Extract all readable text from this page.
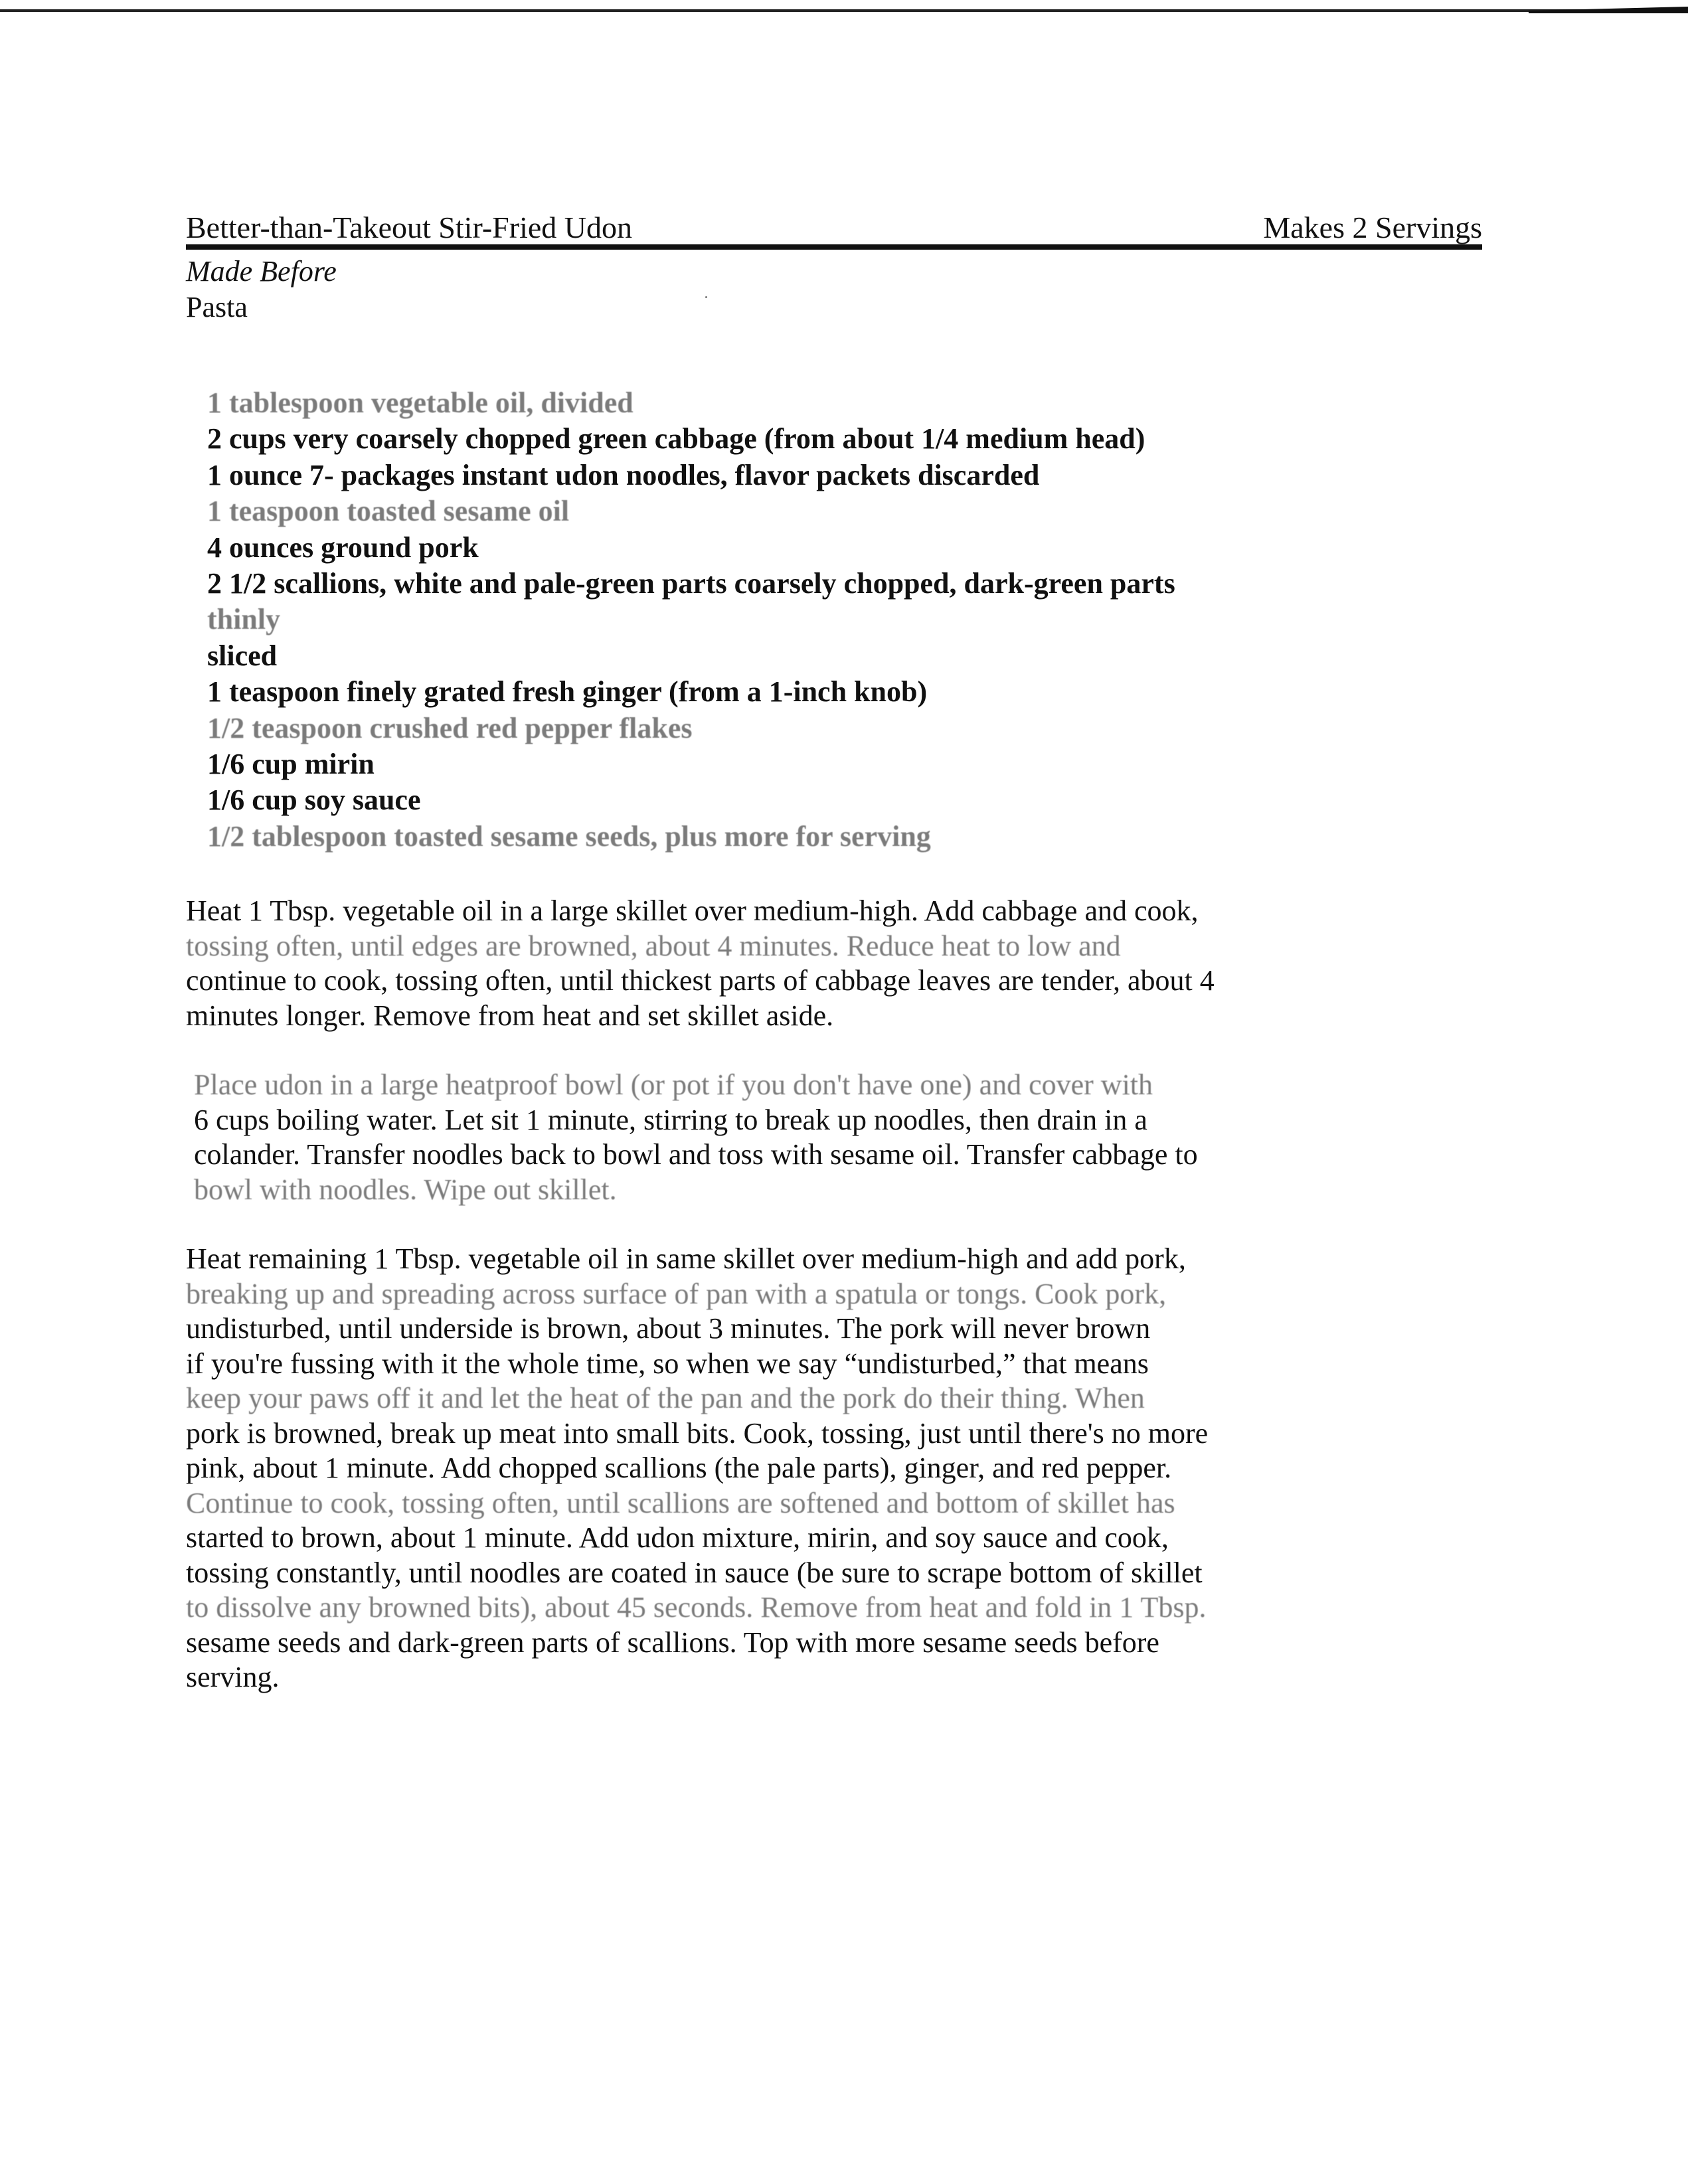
Better-than-Takeout Stir-Fried Udon	Makes 2 Servings
Made Before
Pasta
1 tablespoon vegetable oil, divided
2 cups very coarsely chopped green cabbage (from about 1/4 medium head)
1 ounce 7- packages instant udon noodles, flavor packets discarded
1 teaspoon toasted sesame oil
4 ounces ground pork
2 1/2 scallions, white and pale-green parts coarsely chopped, dark-green parts
thinly
sliced
1 teaspoon finely grated fresh ginger (from a 1-inch knob)
1/2 teaspoon crushed red pepper flakes
1/6 cup mirin
1/6 cup soy sauce
1/2 tablespoon toasted sesame seeds, plus more for serving

Heat 1 Tbsp. vegetable oil in a large skillet over medium-high. Add cabbage and cook,
tossing often, until edges are browned, about 4 minutes. Reduce heat to low and
continue to cook, tossing often, until thickest parts of cabbage leaves are tender, about 4
minutes longer. Remove from heat and set skillet aside.

Place udon in a large heatproof bowl (or pot if you don't have one) and cover with
6 cups boiling water. Let sit 1 minute, stirring to break up noodles, then drain in a
colander. Transfer noodles back to bowl and toss with sesame oil. Transfer cabbage to
bowl with noodles. Wipe out skillet.

Heat remaining 1 Tbsp. vegetable oil in same skillet over medium-high and add pork,
breaking up and spreading across surface of pan with a spatula or tongs. Cook pork,
undisturbed, until underside is brown, about 3 minutes. The pork will never brown
if you're fussing with it the whole time, so when we say “undisturbed,” that means
keep your paws off it and let the heat of the pan and the pork do their thing. When
pork is browned, break up meat into small bits. Cook, tossing, just until there's no more
pink, about 1 minute. Add chopped scallions (the pale parts), ginger, and red pepper.
Continue to cook, tossing often, until scallions are softened and bottom of skillet has
started to brown, about 1 minute. Add udon mixture, mirin, and soy sauce and cook,
tossing constantly, until noodles are coated in sauce (be sure to scrape bottom of skillet
to dissolve any browned bits), about 45 seconds. Remove from heat and fold in 1 Tbsp.
sesame seeds and dark-green parts of scallions. Top with more sesame seeds before
serving.
